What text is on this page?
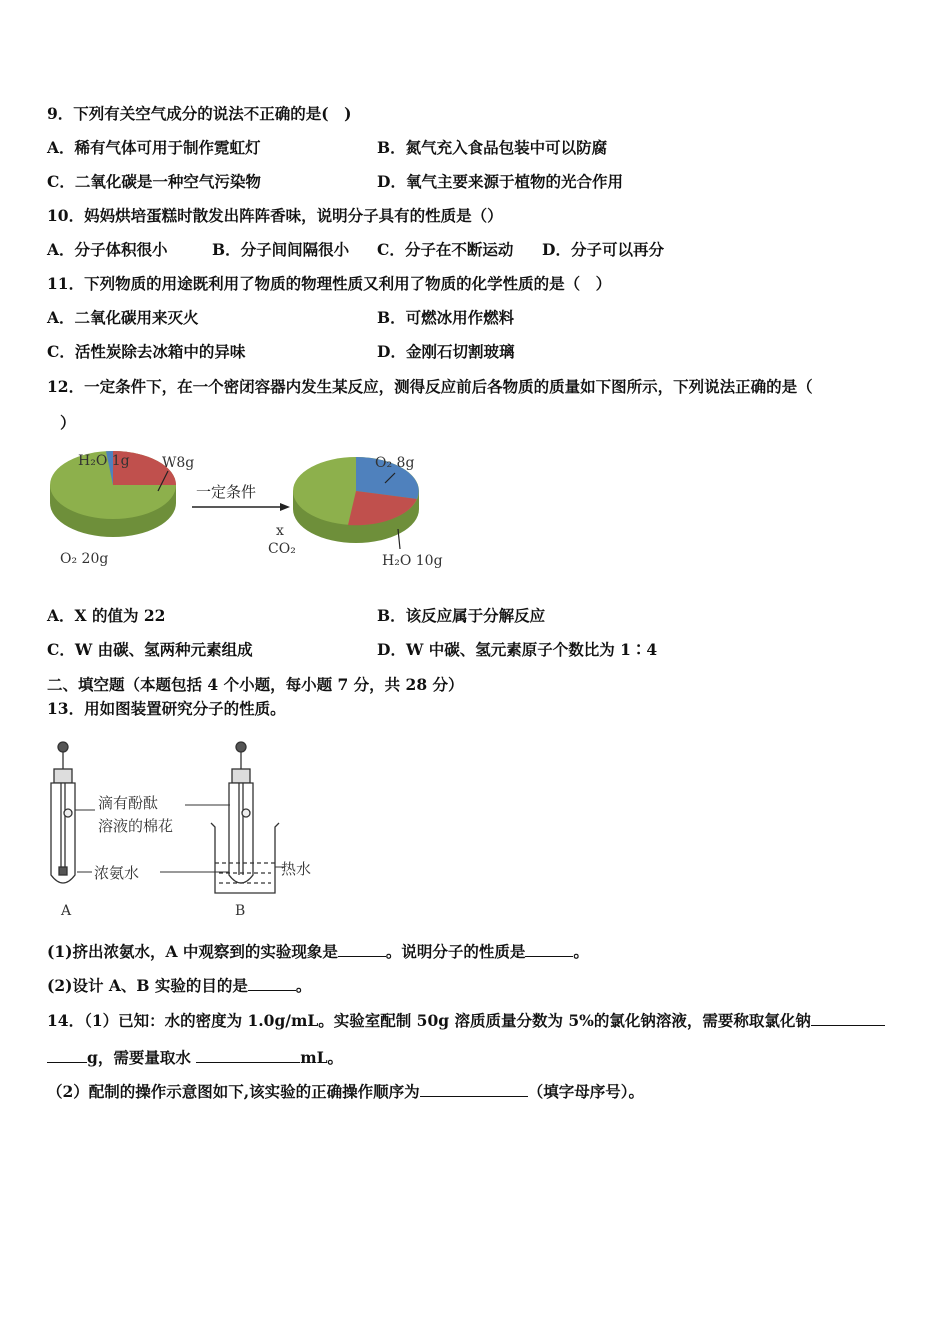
9．下列有关空气成分的说法不正确的是(　)
A．稀有气体可用于制作霓虹灯	B．氮气充入食品包装中可以防腐
C．二氧化碳是一种空气污染物	D．氧气主要来源于植物的光合作用
10．妈妈烘培蛋糕时散发出阵阵香味，说明分子具有的性质是（）
A．分子体积很小	B．分子间间隔很小 C．分子在不断运动 D．分子可以再分
11．下列物质的用途既利用了物质的物理性质又利用了物质的化学性质的是（　）
A．二氧化碳用来灭火	B．可燃冰用作燃料
C．活性炭除去冰箱中的异味	D．金刚石切割玻璃
12．一定条件下，在一个密闭容器内发生某反应，测得反应前后各物质的质量如下图所示，下列说法正确的是（
）
H₂O 1g W8g
O₂ 20g
一定条件
O₂ 8g
x
CO₂
H₂O 10g
A．X 的值为 22	B．该反应属于分解反应
C．W 由碳、氢两种元素组成	D．W 中碳、氢元素原子个数比为 1∶4
二、填空题（本题包括 4 个小题，每小题 7 分，共 28 分）
13．用如图装置研究分子的性质。
滴有酚酞
溶液的棉花
浓氨水
A
热水
B
(1)挤出浓氨水，A 中观察到的实验现象是	。说明分子的性质是	。
(2)设计 A、B 实验的目的是	。
14．（1）已知：水的密度为 1.0g/mL。实验室配制 50g 溶质质量分数为 5%的氯化钠溶液，需要称取氯化钠
g，需要量取水	mL。
（2）配制的操作示意图如下,该实验的正确操作顺序为	（填字母序号）。
